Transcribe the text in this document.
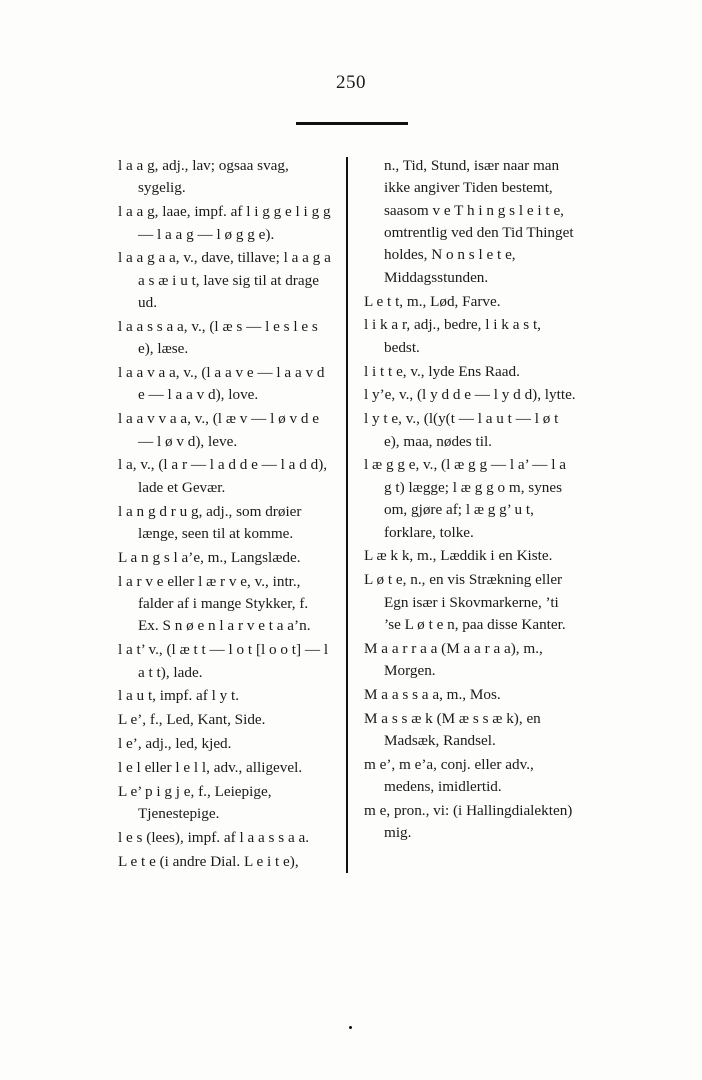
250

l a a g, adj., lav; ogsaa svag, sygelig.

l a a g, laae, impf. af l i g g e l i g g — l a a g — l ø g g e).

l a a g a a, v., dave, tillave; l a a g a a s æ i u t, lave sig til at drage ud.

l a a s s a a, v., (l æ s — l e s l e s e), læse.

l a a v a a, v., (l a a v e — l a a v d e — l a a v d), love.

l a a v v a a, v., (l æ v — l ø v d e — l ø v d), leve.

l a, v., (l a r — l a d d e — l a d d), lade et Gevær.

l a n g d r u g, adj., som drøier længe, seen til at komme.

L a n g s l a’e, m., Langslæde.

l a r v e eller l æ r v e, v., intr., falder af i mange Stykker, f. Ex. S n ø e n l a r v e t a a’n.

l a t’ v., (l æ t t — l o t [l o o t] — l a t t), lade.

l a u t, impf. af l y t.

L e’, f., Led, Kant, Side.

l e’, adj., led, kjed.

l e l eller l e l l, adv., alligevel.

L e’ p i g j e, f., Leiepige, Tjenestepige.

l e s (lees), impf. af l a a s s a a.

L e t e (i andre Dial. L e i t e),

n., Tid, Stund, især naar man ikke angiver Tiden bestemt, saasom v e T h i n g s l e i t e, omtrentlig ved den Tid Thinget holdes, N o n s l e t e, Middagsstunden.

L e t t, m., Lød, Farve.

l i k a r, adj., bedre, l i k a s t, bedst.

l i t t e, v., lyde Ens Raad.

l y’e, v., (l y d d e — l y d d), lytte.

l y t e, v., (l(y(t — l a u t — l ø t e), maa, nødes til.

l æ g g e, v., (l æ g g — l a’ — l a g t) lægge; l æ g g o m, synes om, gjøre af; l æ g g’ u t, forklare, tolke.

L æ k k, m., Læddik i en Kiste.

L ø t e, n., en vis Strækning eller Egn især i Skovmarkerne, ’ti ’se L ø t e n, paa disse Kanter.

M a a r r a a (M a a r a a), m., Morgen.

M a a s s a a, m., Mos.

M a s s æ k (M æ s s æ k), en Madsæk, Randsel.

m e’, m e’a, conj. eller adv., medens, imidlertid.

m e, pron., vi: (i Hallingdialekten) mig.
